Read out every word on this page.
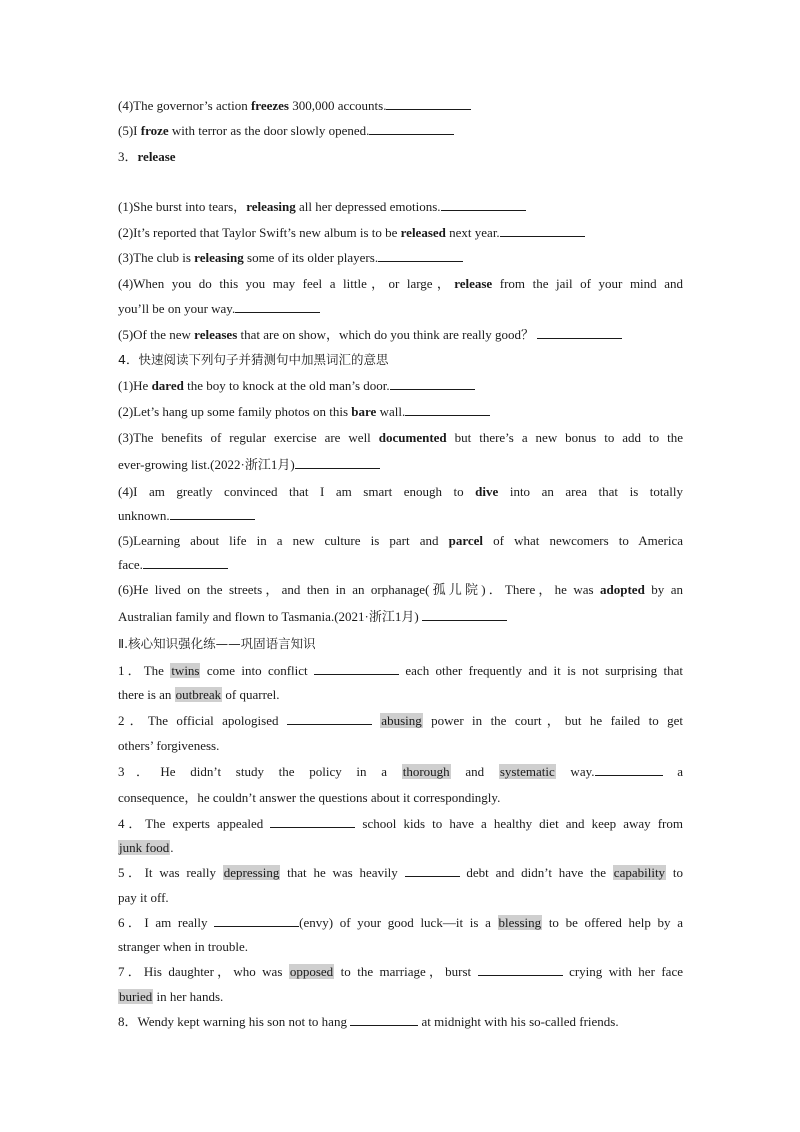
(4)The governor’s action freezes 300,000 accounts.
(5)I froze with terror as the door slowly opened.
3．release
(1)She burst into tears，releasing all her depressed emotions.
(2)It’s reported that Taylor Swift’s new album is to be released next year.
(3)The club is releasing some of its older players.
(4)When you do this you may feel a little，or large，release from the jail of your mind and
you’ll be on your way.
(5)Of the new releases that are on show，which do you think are really good？
4．快速阅读下列句子并猜测句中加黑词汇的意思
(1)He dared the boy to knock at the old man’s door.
(2)Let’s hang up some family photos on this bare wall.
(3)The benefits of regular exercise are well documented but there’s a new bonus to add to the
ever-growing list.(2022·浙江1月)
(4)I am greatly convinced that I am smart enough to dive into an area that is totally
unknown.
(5)Learning about life in a new culture is part and parcel of what newcomers to America
face.
(6)He lived on the streets，and then in an orphanage(孤儿院)．There，he was adopted by an
Australian family and flown to Tasmania.(2021·浙江1月)
Ⅱ.核心知识强化练——巩固语言知识
1．The twins come into conflict	each other frequently and it is not surprising that
there is an outbreak of quarrel.
2．The official apologised	abusing power in the court，but he failed to get
others’ forgiveness.
3．He didn’t study the policy in a thorough and systematic way.	a
consequence，he couldn’t answer the questions about it correspondingly.
4．The experts appealed	school kids to have a healthy diet and keep away from
junk food.
5．It was really depressing that he was heavily	debt and didn’t have the capability to
pay it off.
6．I am really	(envy) of your good luck—it is a blessing to be offered help by a
stranger when in trouble.
7．His daughter，who was opposed to the marriage，burst	crying with her face
buried in her hands.
8．Wendy kept warning his son not to hang	at midnight with his so-called friends.
